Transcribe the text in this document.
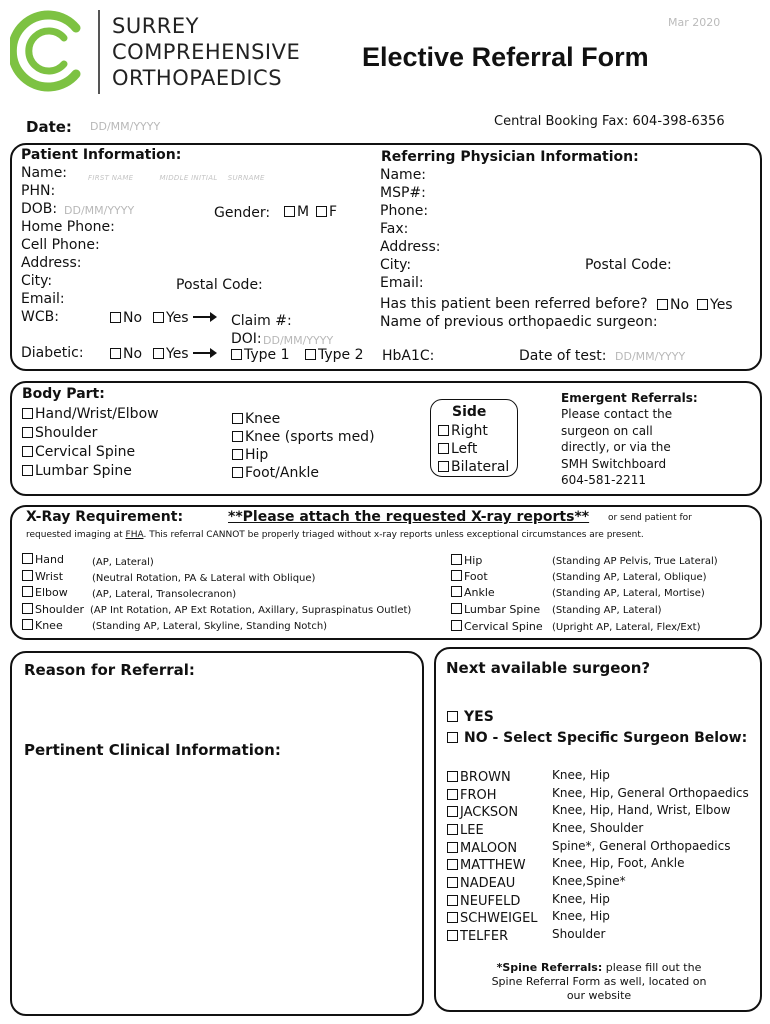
SURREY
COMPREHENSIVE
ORTHOPAEDICS
Mar 2020
Elective Referral Form
Date: DD/MM/YYYY	Central Booking Fax: 604-398-6356
Patient Information:
Name:	FIRST NAME	MIDDLE INITIAL SURNAME
PHN:
DOB: DD/MM/YYYY	Gender:	M	F
Home Phone:
Cell Phone:
Address:
City:	Postal Code:
Email:
WCB:	No	Yes	Claim #:
DOI: DD/MM/YYYY
Diabetic:	No	Yes	Type 1	Type 2 HbA1C:	Date of test: DD/MM/YYYY
Referring Physician Information:
Name:
MSP#:
Phone:
Fax:
Address:
City:	Postal Code:
Email:
Has this patient been referred before?	No	Yes
Name of previous orthopaedic surgeon:
Body Part:
Hand/Wrist/Elbow
Shoulder
Cervical Spine
Lumbar Spine
Knee
Knee (sports med)
Hip
Foot/Ankle
Side
Right
Left
Bilateral
Emergent Referrals:
Please contact the
surgeon on call
directly, or via the
SMH Switchboard
604-581-2211
X-Ray Requirement:	**Please attach the requested X-ray reports** or send patient for
requested imaging at FHA. This referral CANNOT be properly triaged without x-ray reports unless exceptional circumstances are present.
Hand	(AP, Lateral)
Wrist	(Neutral Rotation, PA & Lateral with Oblique)
Elbow (AP, Lateral, Transolecranon)
Shoulder (AP Int Rotation, AP Ext Rotation, Axillary, Supraspinatus Outlet)
Knee	(Standing AP, Lateral, Skyline, Standing Notch)
Hip	(Standing AP Pelvis, True Lateral)
Foot	(Standing AP, Lateral, Oblique)
Ankle	(Standing AP, Lateral, Mortise)
Lumbar Spine (Standing AP, Lateral)
Cervical Spine (Upright AP, Lateral, Flex/Ext)
Reason for Referral:
Pertinent Clinical Information:
Next available surgeon?
YES
NO - Select Specific Surgeon Below:
BROWN	Knee, Hip
FROH	Knee, Hip, General Orthopaedics
JACKSON	Knee, Hip, Hand, Wrist, Elbow
LEE	Knee, Shoulder
MALOON	Spine*, General Orthopaedics
MATTHEW Knee, Hip, Foot, Ankle
NADEAU	Knee,Spine*
NEUFELD	Knee, Hip
SCHWEIGEL Knee, Hip
TELFER	Shoulder
*Spine Referrals: please fill out the
Spine Referral Form as well, located on
our website
